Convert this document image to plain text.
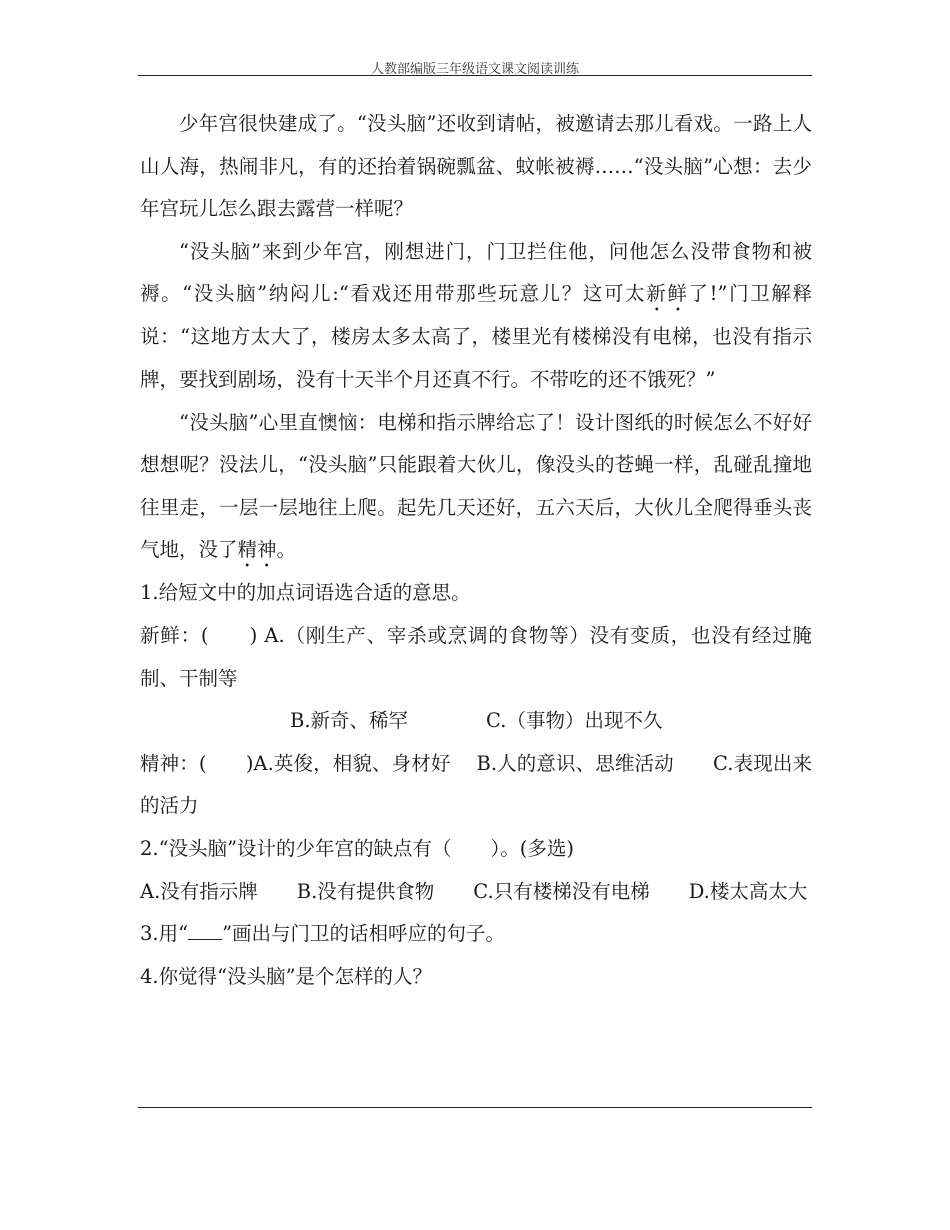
人教部编版三年级语文课文阅读训练

少年宫很快建成了。“没头脑”还收到请帖，被邀请去那儿看戏。一路上人山人海，热闹非凡，有的还抬着锅碗瓢盆、蚊帐被褥……“没头脑”心想：去少年宫玩儿怎么跟去露营一样呢？

“没头脑”来到少年宫，刚想进门，门卫拦住他，问他怎么没带食物和被褥。“没头脑”纳闷儿:“看戏还用带那些玩意儿？这可太新鲜了!”门卫解释说：“这地方太大了，楼房太多太高了，楼里光有楼梯没有电梯，也没有指示牌，要找到剧场，没有十天半个月还真不行。不带吃的还不饿死？”

“没头脑”心里直懊恼：电梯和指示牌给忘了！设计图纸的时候怎么不好好想想呢？没法儿，“没头脑”只能跟着大伙儿，像没头的苍蝇一样，乱碰乱撞地往里走，一层一层地往上爬。起先几天还好，五六天后，大伙儿全爬得垂头丧气地，没了精神。

1.给短文中的加点词语选合适的意思。

新鲜：(　　) A.（刚生产、宰杀或烹调的食物等）没有变质，也没有经过腌制、干制等

B.新奇、稀罕　　　　C.（事物）出现不久

精神：(　　)A.英俊，相貌、身材好　 B.人的意识、思维活动　　C.表现出来的活力

2.“没头脑”设计的少年宫的缺点有（　　）。(多选)

A.没有指示牌　　B.没有提供食物　　C.只有楼梯没有电梯　　D.楼太高太大

3.用“ ”画出与门卫的话相呼应的句子。

4.你觉得“没头脑”是个怎样的人？
